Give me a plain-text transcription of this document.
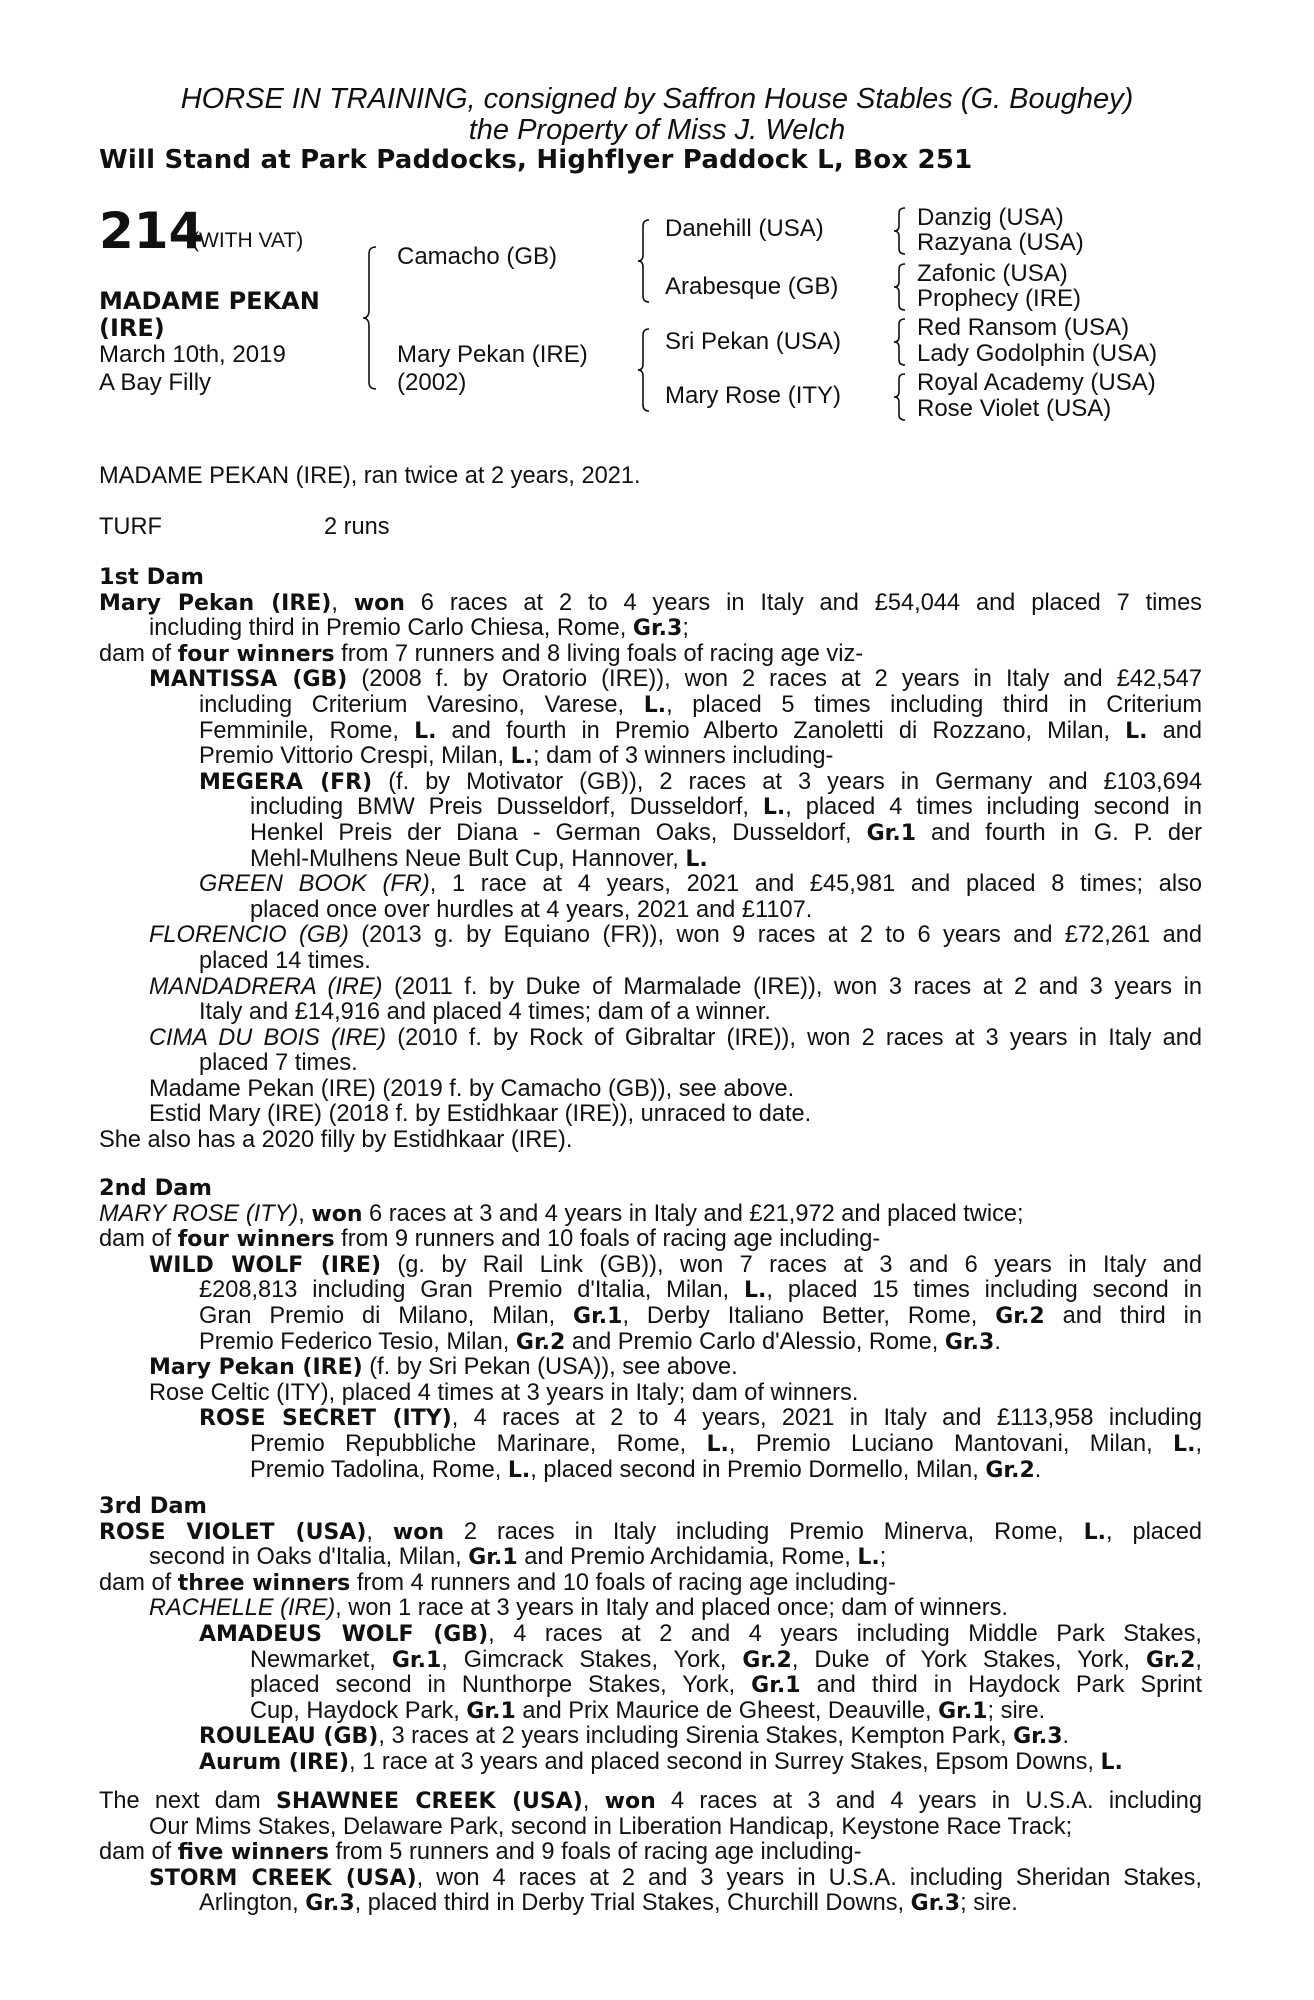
HORSE IN TRAINING, consigned by Saffron House Stables (G. Boughey)
the Property of Miss J. Welch
Will Stand at Park Paddocks, Highflyer Paddock L, Box 251
214
(WITH VAT)
MADAME PEKAN
(IRE)
March 10th, 2019
A Bay Filly
Camacho (GB)
Mary Pekan (IRE)
(2002)
Danehill (USA)
Arabesque (GB)
Sri Pekan (USA)
Mary Rose (ITY)
Danzig (USA)
Razyana (USA)
Zafonic (USA)
Prophecy (IRE)
Red Ransom (USA)
Lady Godolphin (USA)
Royal Academy (USA)
Rose Violet (USA)
MADAME PEKAN (IRE), ran twice at 2 years, 2021.
TURF	2 runs
1st Dam
Mary Pekan (IRE), won 6 races at 2 to 4 years in Italy and £54,044 and placed 7 times
including third in Premio Carlo Chiesa, Rome, Gr.3;
dam of four winners from 7 runners and 8 living foals of racing age viz-
MANTISSA (GB) (2008 f. by Oratorio (IRE)), won 2 races at 2 years in Italy and £42,547
including Criterium Varesino, Varese, L., placed 5 times including third in Criterium
Femminile, Rome, L. and fourth in Premio Alberto Zanoletti di Rozzano, Milan, L. and
Premio Vittorio Crespi, Milan, L.; dam of 3 winners including-
MEGERA (FR) (f. by Motivator (GB)), 2 races at 3 years in Germany and £103,694
including BMW Preis Dusseldorf, Dusseldorf, L., placed 4 times including second in
Henkel Preis der Diana - German Oaks, Dusseldorf, Gr.1 and fourth in G. P. der
Mehl-Mulhens Neue Bult Cup, Hannover, L.
GREEN BOOK (FR), 1 race at 4 years, 2021 and £45,981 and placed 8 times; also
placed once over hurdles at 4 years, 2021 and £1107.
FLORENCIO (GB) (2013 g. by Equiano (FR)), won 9 races at 2 to 6 years and £72,261 and
placed 14 times.
MANDADRERA (IRE) (2011 f. by Duke of Marmalade (IRE)), won 3 races at 2 and 3 years in
Italy and £14,916 and placed 4 times; dam of a winner.
CIMA DU BOIS (IRE) (2010 f. by Rock of Gibraltar (IRE)), won 2 races at 3 years in Italy and
placed 7 times.
Madame Pekan (IRE) (2019 f. by Camacho (GB)), see above.
Estid Mary (IRE) (2018 f. by Estidhkaar (IRE)), unraced to date.
She also has a 2020 filly by Estidhkaar (IRE).
2nd Dam
MARY ROSE (ITY), won 6 races at 3 and 4 years in Italy and £21,972 and placed twice;
dam of four winners from 9 runners and 10 foals of racing age including-
WILD WOLF (IRE) (g. by Rail Link (GB)), won 7 races at 3 and 6 years in Italy and
£208,813 including Gran Premio d'Italia, Milan, L., placed 15 times including second in
Gran Premio di Milano, Milan, Gr.1, Derby Italiano Better, Rome, Gr.2 and third in
Premio Federico Tesio, Milan, Gr.2 and Premio Carlo d'Alessio, Rome, Gr.3.
Mary Pekan (IRE) (f. by Sri Pekan (USA)), see above.
Rose Celtic (ITY), placed 4 times at 3 years in Italy; dam of winners.
ROSE SECRET (ITY), 4 races at 2 to 4 years, 2021 in Italy and £113,958 including
Premio Repubbliche Marinare, Rome, L., Premio Luciano Mantovani, Milan, L.,
Premio Tadolina, Rome, L., placed second in Premio Dormello, Milan, Gr.2.
3rd Dam
ROSE VIOLET (USA), won 2 races in Italy including Premio Minerva, Rome, L., placed
second in Oaks d'Italia, Milan, Gr.1 and Premio Archidamia, Rome, L.;
dam of three winners from 4 runners and 10 foals of racing age including-
RACHELLE (IRE), won 1 race at 3 years in Italy and placed once; dam of winners.
AMADEUS WOLF (GB), 4 races at 2 and 4 years including Middle Park Stakes,
Newmarket, Gr.1, Gimcrack Stakes, York, Gr.2, Duke of York Stakes, York, Gr.2,
placed second in Nunthorpe Stakes, York, Gr.1 and third in Haydock Park Sprint
Cup, Haydock Park, Gr.1 and Prix Maurice de Gheest, Deauville, Gr.1; sire.
ROULEAU (GB), 3 races at 2 years including Sirenia Stakes, Kempton Park, Gr.3.
Aurum (IRE), 1 race at 3 years and placed second in Surrey Stakes, Epsom Downs, L.
The next dam SHAWNEE CREEK (USA), won 4 races at 3 and 4 years in U.S.A. including
Our Mims Stakes, Delaware Park, second in Liberation Handicap, Keystone Race Track;
dam of five winners from 5 runners and 9 foals of racing age including-
STORM CREEK (USA), won 4 races at 2 and 3 years in U.S.A. including Sheridan Stakes,
Arlington, Gr.3, placed third in Derby Trial Stakes, Churchill Downs, Gr.3; sire.
